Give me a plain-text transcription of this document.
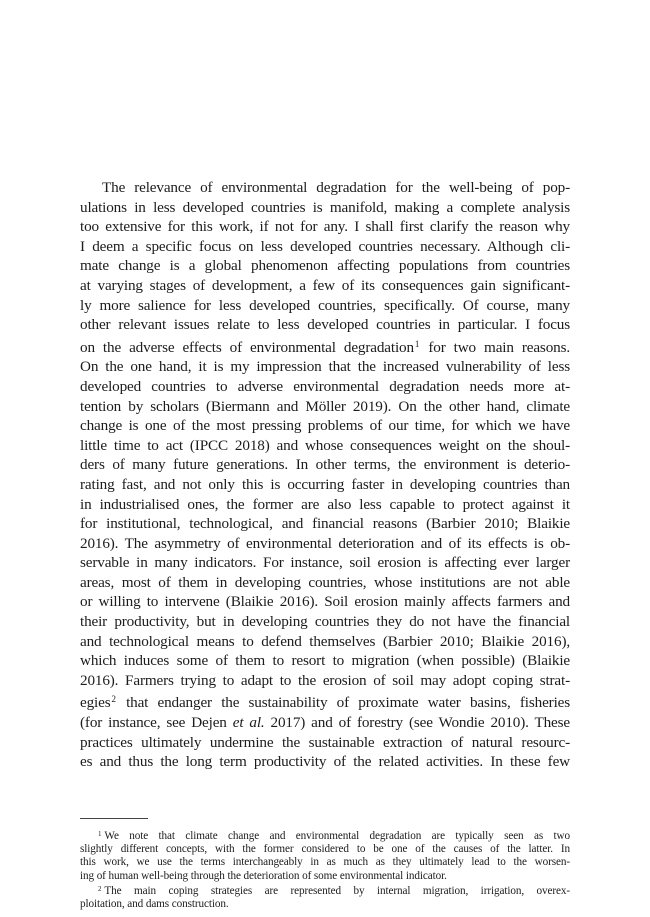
The relevance of environmental degradation for the well-being of pop-
ulations in less developed countries is manifold, making a complete analysis
too extensive for this work, if not for any. I shall first clarify the reason why
I deem a specific focus on less developed countries necessary. Although cli-
mate change is a global phenomenon affecting populations from countries
at varying stages of development, a few of its consequences gain significant-
ly more salience for less developed countries, specifically. Of course, many
other relevant issues relate to less developed countries in particular. I focus
on the adverse effects of environmental degradation$^1$ for two main reasons.
On the one hand, it is my impression that the increased vulnerability of less
developed countries to adverse environmental degradation needs more at-
tention by scholars (Biermann and Möller 2019). On the other hand, climate
change is one of the most pressing problems of our time, for which we have
little time to act (IPCC 2018) and whose consequences weight on the shoul-
ders of many future generations. In other terms, the environment is deterio-
rating fast, and not only this is occurring faster in developing countries than
in industrialised ones, the former are also less capable to protect against it
for institutional, technological, and financial reasons (Barbier 2010; Blaikie
2016). The asymmetry of environmental deterioration and of its effects is ob-
servable in many indicators. For instance, soil erosion is affecting ever larger
areas, most of them in developing countries, whose institutions are not able
or willing to intervene (Blaikie 2016). Soil erosion mainly affects farmers and
their productivity, but in developing countries they do not have the financial
and technological means to defend themselves (Barbier 2010; Blaikie 2016),
which induces some of them to resort to migration (when possible) (Blaikie
2016). Farmers trying to adapt to the erosion of soil may adopt coping strat-
egies$^2$ that endanger the sustainability of proximate water basins, fisheries
(for instance, see Dejen et al. 2017) and of forestry (see Wondie 2010). These
practices ultimately undermine the sustainable extraction of natural resourc-
es and thus the long term productivity of the related activities. In these few
$^1$ We note that climate change and environmental degradation are typically seen as two
slightly different concepts, with the former considered to be one of the causes of the latter. In
this work, we use the terms interchangeably in as much as they ultimately lead to the worsen-
ing of human well-being through the deterioration of some environmental indicator.
$^2$ The main coping strategies are represented by internal migration, irrigation, overex-
ploitation, and dams construction.
